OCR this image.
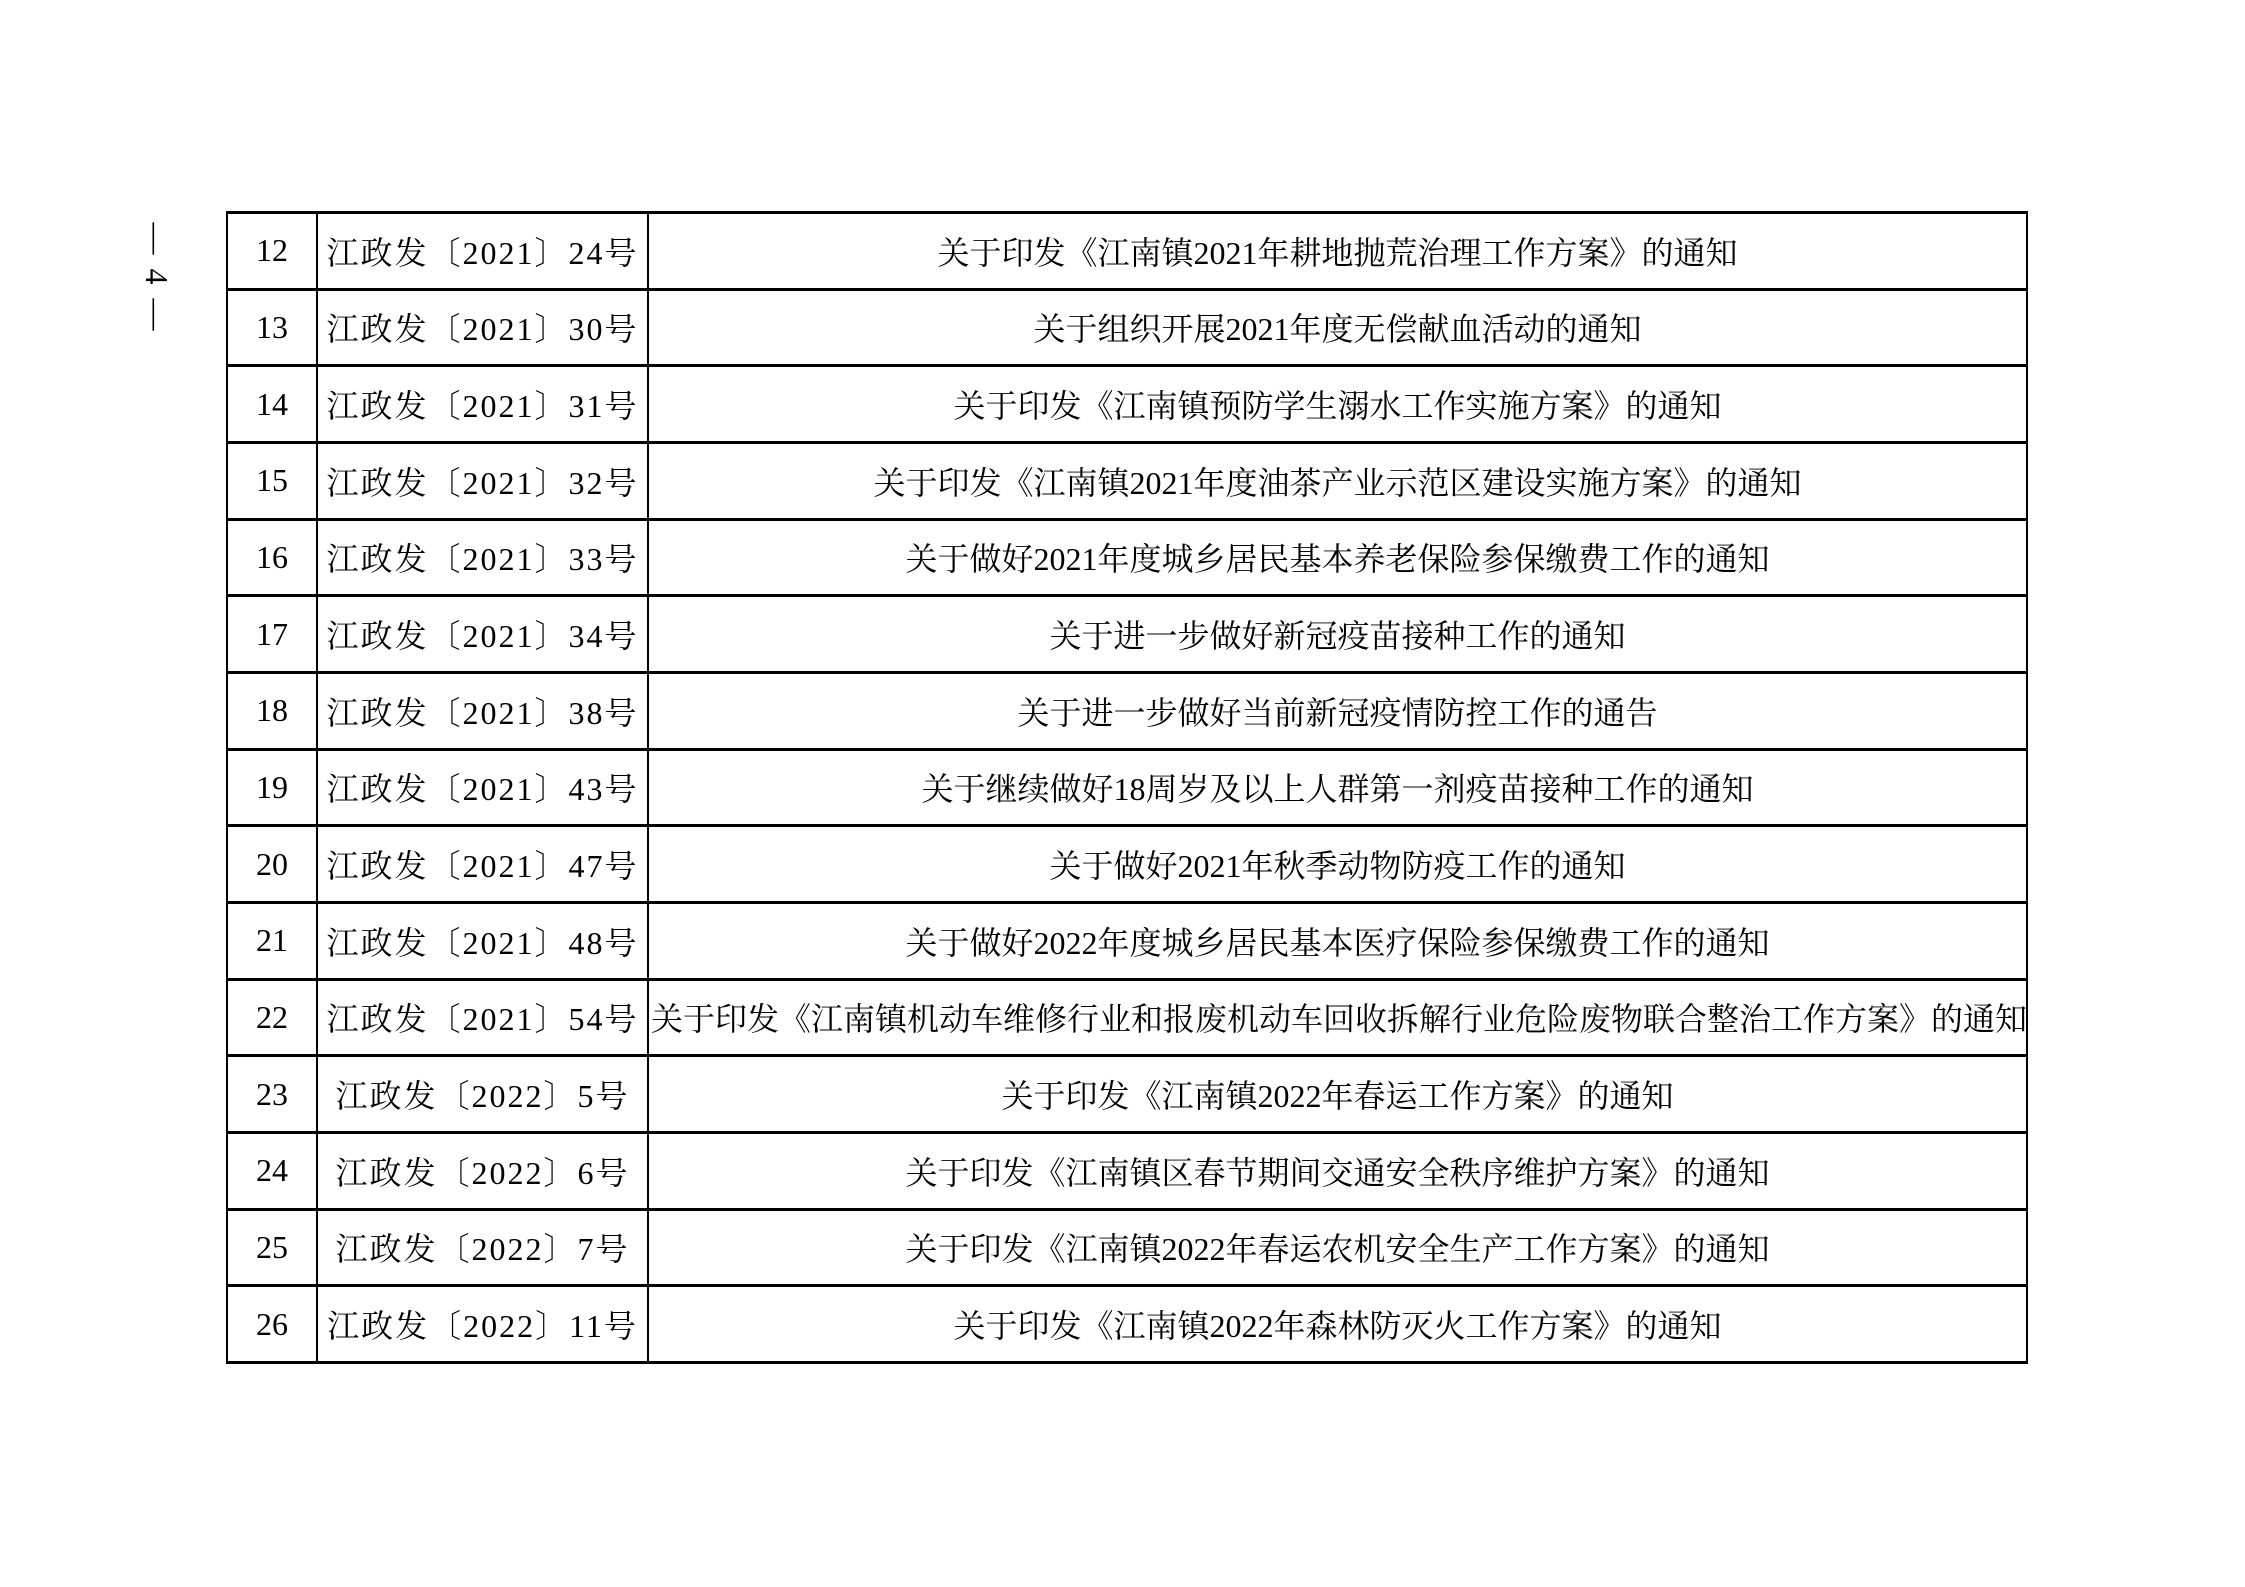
— 4 —	12	江政发〔2021〕24号	关于印发《江南镇2021年耕地抛荒治理工作方案》的通知
13	江政发〔2021〕30号	关于组织开展2021年度无偿献血活动的通知
14	江政发〔2021〕31号	关于印发《江南镇预防学生溺水工作实施方案》的通知
15	江政发〔2021〕32号	关于印发《江南镇2021年度油茶产业示范区建设实施方案》的通知
16	江政发〔2021〕33号	关于做好2021年度城乡居民基本养老保险参保缴费工作的通知
17	江政发〔2021〕34号	关于进一步做好新冠疫苗接种工作的通知
18	江政发〔2021〕38号	关于进一步做好当前新冠疫情防控工作的通告
19	江政发〔2021〕43号	关于继续做好18周岁及以上人群第一剂疫苗接种工作的通知
20	江政发〔2021〕47号	关于做好2021年秋季动物防疫工作的通知
21	江政发〔2021〕48号	关于做好2022年度城乡居民基本医疗保险参保缴费工作的通知
22	江政发〔2021〕54号	关于印发《江南镇机动车维修行业和报废机动车回收拆解行业危险废物联合整治工作方案》的通知
23	江政发〔2022〕5号	关于印发《江南镇2022年春运工作方案》的通知
24	江政发〔2022〕6号	关于印发《江南镇区春节期间交通安全秩序维护方案》的通知
25	江政发〔2022〕7号	关于印发《江南镇2022年春运农机安全生产工作方案》的通知
26	江政发〔2022〕11号	关于印发《江南镇2022年森林防灭火工作方案》的通知
